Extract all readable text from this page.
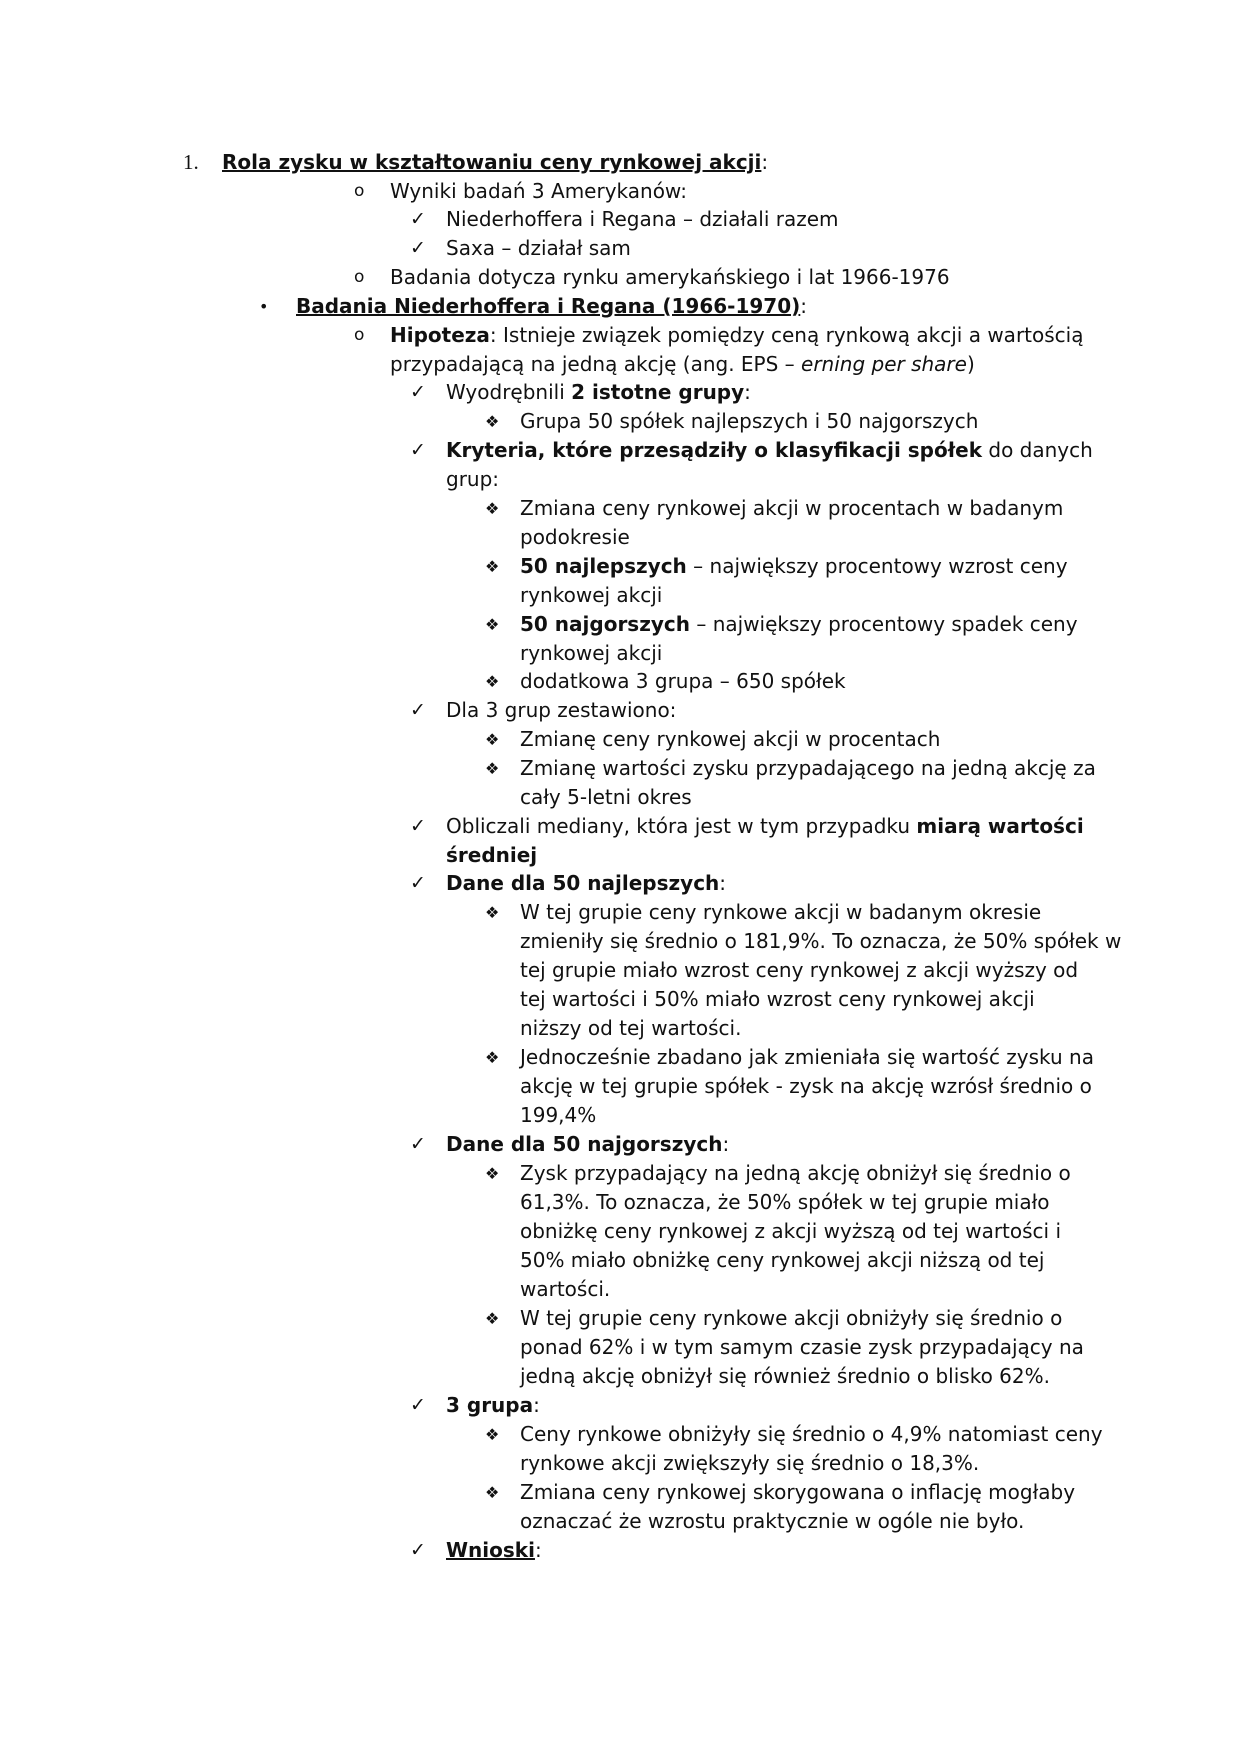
1. Rola zysku w kształtowaniu ceny rynkowej akcji:
o Wyniki badań 3 Amerykanów:
✓ Niederhoffera i Regana – działali razem
✓ Saxa – działał sam
o Badania dotycza rynku amerykańskiego i lat 1966-1976
• Badania Niederhoffera i Regana (1966-1970):
o Hipoteza: Istnieje związek pomiędzy ceną rynkową akcji a wartością
przypadającą na jedną akcję (ang. EPS – erning per share)
✓ Wyodrębnili 2 istotne grupy:
❖ Grupa 50 spółek najlepszych i 50 najgorszych
✓ Kryteria, które przesądziły o klasyfikacji spółek do danych
grup:
❖ Zmiana ceny rynkowej akcji w procentach w badanym
podokresie
❖ 50 najlepszych – największy procentowy wzrost ceny
rynkowej akcji
❖ 50 najgorszych – największy procentowy spadek ceny
rynkowej akcji
❖ dodatkowa 3 grupa – 650 spółek
✓ Dla 3 grup zestawiono:
❖ Zmianę ceny rynkowej akcji w procentach
❖ Zmianę wartości zysku przypadającego na jedną akcję za
cały 5-letni okres
✓ Obliczali mediany, która jest w tym przypadku miarą wartości
średniej
✓ Dane dla 50 najlepszych:
❖ W tej grupie ceny rynkowe akcji w badanym okresie
zmieniły się średnio o 181,9%. To oznacza, że 50% spółek w
tej grupie miało wzrost ceny rynkowej z akcji wyższy od
tej wartości i 50% miało wzrost ceny rynkowej akcji
niższy od tej wartości.
❖ Jednocześnie zbadano jak zmieniała się wartość zysku na
akcję w tej grupie spółek - zysk na akcję wzrósł średnio o
199,4%
✓ Dane dla 50 najgorszych:
❖ Zysk przypadający na jedną akcję obniżył się średnio o
61,3%. To oznacza, że 50% spółek w tej grupie miało
obniżkę ceny rynkowej z akcji wyższą od tej wartości i
50% miało obniżkę ceny rynkowej akcji niższą od tej
wartości.
❖ W tej grupie ceny rynkowe akcji obniżyły się średnio o
ponad 62% i w tym samym czasie zysk przypadający na
jedną akcję obniżył się również średnio o blisko 62%.
✓ 3 grupa:
❖ Ceny rynkowe obniżyły się średnio o 4,9% natomiast ceny
rynkowe akcji zwiększyły się średnio o 18,3%.
❖ Zmiana ceny rynkowej skorygowana o inflację mogłaby
oznaczać że wzrostu praktycznie w ogóle nie było.
✓ Wnioski:
